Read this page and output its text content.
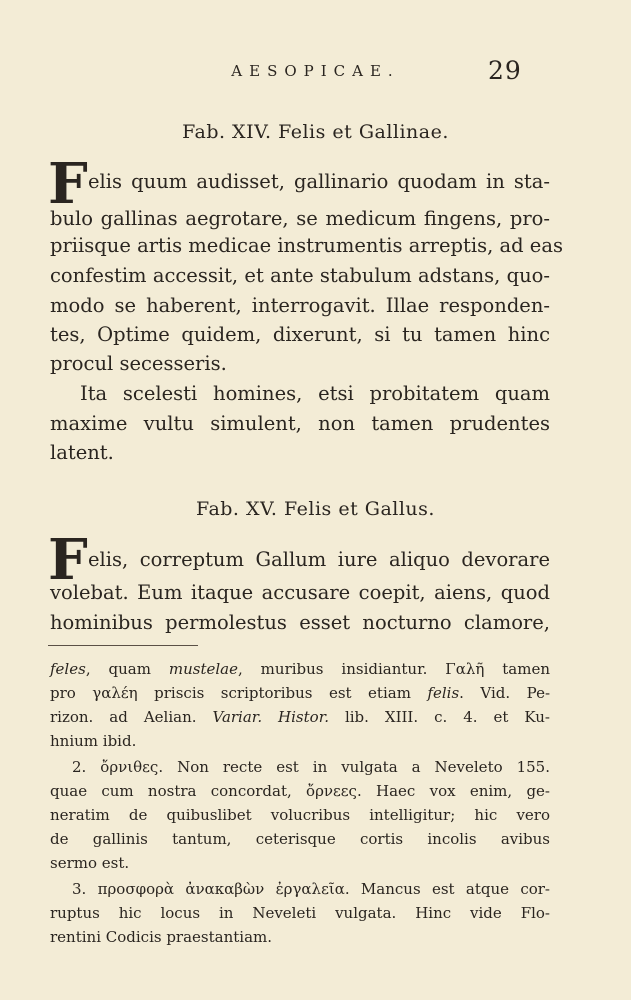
AESOPICAE.	29
Fab. XIV. Felis et Gallinae.
F elis quum audisset, gallinario quodam in sta-
bulo gallinas aegrotare, se medicum fingens, pro-
priisque artis medicae instrumentis arreptis, ad eas
confestim accessit, et ante stabulum adstans, quo-
modo se haberent, interrogavit. Illae responden-
tes, Optime quidem, dixerunt, si tu tamen hinc
procul secesseris.
Ita scelesti homines, etsi probitatem quam
maxime vultu simulent, non tamen prudentes
latent.
Fab. XV. Felis et Gallus.
F elis, correptum Gallum iure aliquo devorare
volebat. Eum itaque accusare coepit, aiens, quod
hominibus permolestus esset nocturno clamore,
feles, quam mustelae, muribus insidiantur. Γαλῆ tamen
pro γαλέη priscis scriptoribus est etiam felis. Vid. Pe-
rizon. ad Aelian. Variar. Histor. lib. XIII. c. 4. et Ku-
hnium ibid.
2. ὄρνιθες. Non recte est in vulgata a Neveleto 155.
quae cum nostra concordat, ὄρνεες. Haec vox enim, ge-
neratim de quibuslibet volucribus intelligitur; hic vero
de gallinis tantum, ceterisque cortis incolis avibus
sermo est.
3. προσφορὰ ἀνακαβὼν ἐργαλεῖα. Mancus est atque cor-
ruptus hic locus in Neveleti vulgata. Hinc vide Flo-
rentini Codicis praestantiam.
